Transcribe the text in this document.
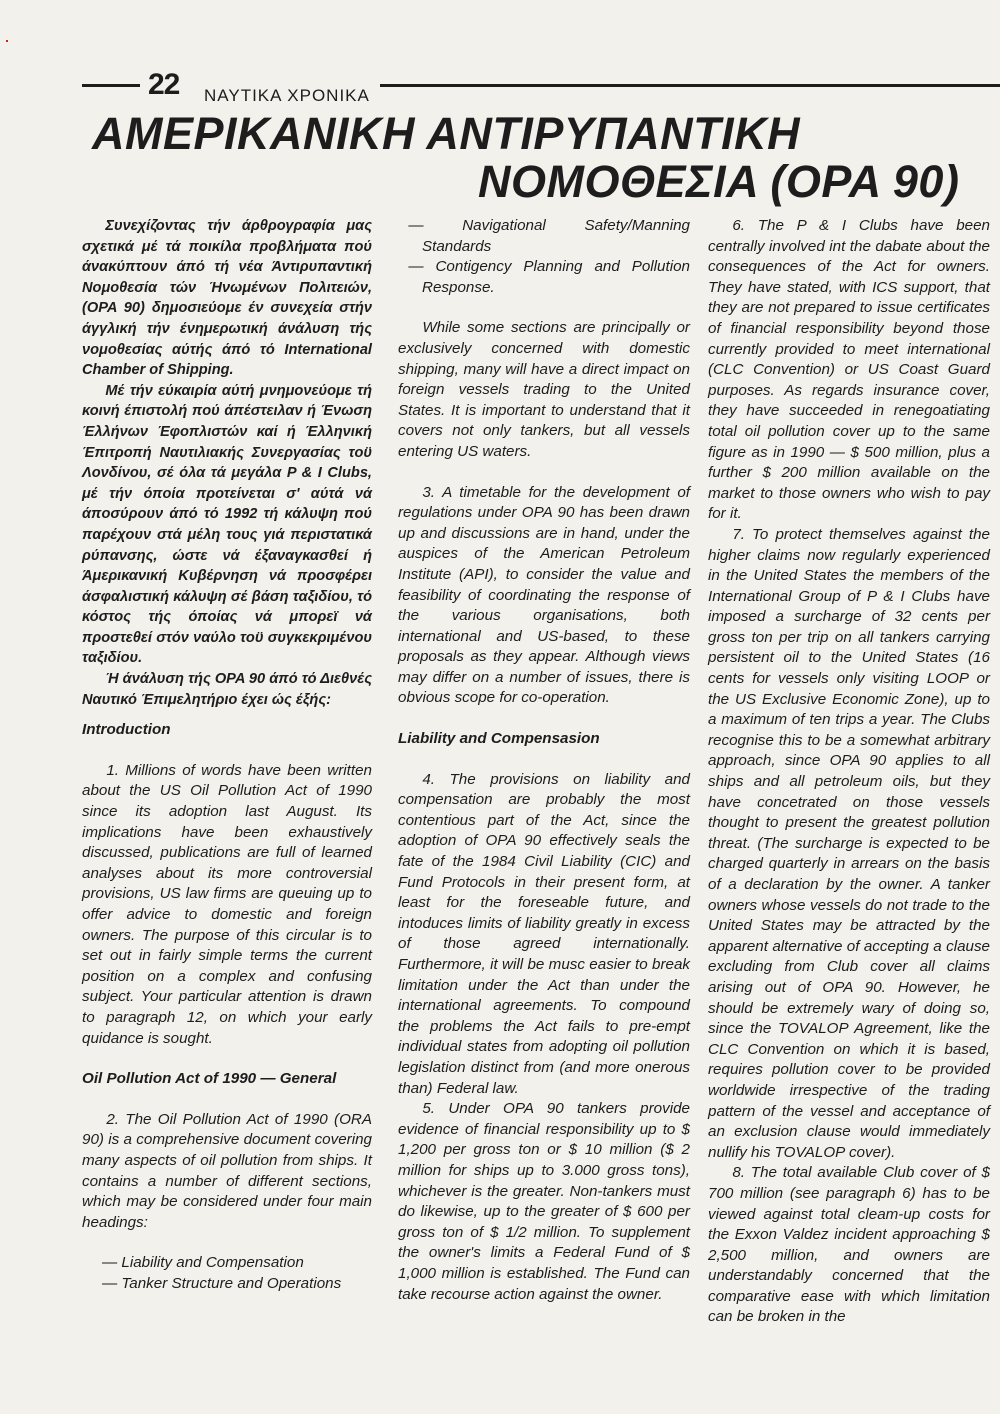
22 ΝΑΥΤΙΚΑ ΧΡΟΝΙΚΑ
ΑΜΕΡΙΚΑΝΙΚΗ ΑΝΤΙΡΥΠΑΝΤΙΚΗ
ΝΟΜΟΘΕΣΙΑ (OPA 90)

Συνεχίζοντας τήν άρθρογραφία μας σχετικά μέ τά ποικίλα προβλήματα πού άνακύπτουν άπό τή νέα Άντιρυπαντική Νομοθεσία τών Ήνωμένων Πολιτειών, (OPA 90) δημοσιεύομε έν συνεχεία στήν άγγλική τήν ένημερωτική άνάλυση τής νομοθεσίας αύτής άπό τό International Chamber of Shipping.

Μέ τήν εύκαιρία αύτή μνημονεύομε τή κοινή έπιστολή πού άπέστειλαν ή Ένωση Έλλήνων Έφοπλιστών καί ή Έλληνική Έπιτροπή Ναυτιλιακής Συνεργασίας τοϋ Λονδίνου, σέ όλα τά μεγάλα P & I Clubs, μέ τήν όποία προτείνεται σ' αύτά νά άποσύρουν άπό τό 1992 τή κάλυψη πού παρέχουν στά μέλη τους γιά περιστατικά ρύπανσης, ώστε νά έξαναγκασθεί ή Άμερικανική Κυβέρνηση νά προσφέρει άσφαλιστική κάλυψη σέ βάση ταξιδίου, τό κόστος τής όποίας νά μπορεϊ νά προστεθεί στόν ναύλο τοϋ συγκεκριμένου ταξιδίου.

Ή άνάλυση τής OPA 90 άπό τό Διεθνές Ναυτικό Έπιμελητήριο έχει ώς έξής:

Introduction

1. Millions of words have been written about the US Oil Pollution Act of 1990 since its adoption last August. Its implications have been exhaustively discussed, publications are full of learned analyses about its more controversial provisions, US law firms are queuing up to offer advice to domestic and foreign owners. The purpose of this circular is to set out in fairly simple terms the current position on a complex and confusing subject. Your particular attention is drawn to paragraph 12, on which your early quidance is sought.

Oil Pollution Act of 1990 — General

2. The Oil Pollution Act of 1990 (ORA 90) is a comprehensive document covering many aspects of oil pollution from ships. It contains a number of different sections, which may be considered under four main headings:

— Liability and Compensation
— Tanker Structure and Operations

— Navigational Safety/Manning Standards

— Contigency Planning and Pollution Response.

While some sections are principally or exclusively concerned with domestic shipping, many will have a direct impact on foreign vessels trading to the United States. It is important to understand that it covers not only tankers, but all vessels entering US waters.

3. A timetable for the development of regulations under OPA 90 has been drawn up and discussions are in hand, under the auspices of the American Petroleum Institute (API), to consider the value and feasibility of coordinating the response of the various organisations, both international and US-based, to these proposals as they appear. Although views may differ on a number of issues, there is obvious scope for co-operation.

Liability and Compensasion

4. The provisions on liability and compensation are probably the most contentious part of the Act, since the adoption of OPA 90 effectively seals the fate of the 1984 Civil Liability (CIC) and Fund Protocols in their present form, at least for the foreseable future, and intoduces limits of liability greatly in excess of those agreed internationally. Furthermore, it will be musc easier to break limitation under the Act than under the international agreements. To compound the problems the Act fails to pre-empt individual states from adopting oil pollution legislation distinct from (and more onerous than) Federal law.

5. Under OPA 90 tankers provide evidence of financial responsibility up to $ 1,200 per gross ton or $ 10 million ($ 2 million for ships up to 3.000 gross tons), whichever is the greater. Non-tankers must do likewise, up to the greater of $ 600 per gross ton of $ 1/2 million. To supplement the owner's limits a Federal Fund of $ 1,000 million is established. The Fund can take recourse action against the owner.

6. The P & I Clubs have been centrally involved int the dabate about the consequences of the Act for owners. They have stated, with ICS support, that they are not prepared to issue certificates of financial responsibility beyond those currently provided to meet international (CLC Convention) or US Coast Guard purposes. As regards insurance cover, they have succeeded in renegoatiating total oil pollution cover up to the same figure as in 1990 — $ 500 million, plus a further $ 200 million available on the market to those owners who wish to pay for it.

7. To protect themselves against the higher claims now regularly experienced in the United States the members of the International Group of P & I Clubs have imposed a surcharge of 32 cents per gross ton per trip on all tankers carrying persistent oil to the United States (16 cents for vessels only visiting LOOP or the US Exclusive Economic Zone), up to a maximum of ten trips a year. The Clubs recognise this to be a somewhat arbitrary approach, since OPA 90 applies to all ships and all petroleum oils, but they have concetrated on those vessels thought to present the greatest pollution threat. (The surcharge is expected to be charged quarterly in arrears on the basis of a declaration by the owner. A tanker owners whose vessels do not trade to the United States may be attracted by the apparent alternative of accepting a clause excluding from Club cover all claims arising out of OPA 90. However, he should be extremely wary of doing so, since the TOVALOP Agreement, like the CLC Convention on which it is based, requires pollution cover to be provided worldwide irrespective of the trading pattern of the vessel and acceptance of an exclusion clause would immediately nullify his TOVALOP cover).

8. The total available Club cover of $ 700 million (see paragraph 6) has to be viewed against total cleam-up costs for the Exxon Valdez incident approaching $ 2,500 million, and owners are understandably concerned that the comparative ease with which limitation can be broken in the
